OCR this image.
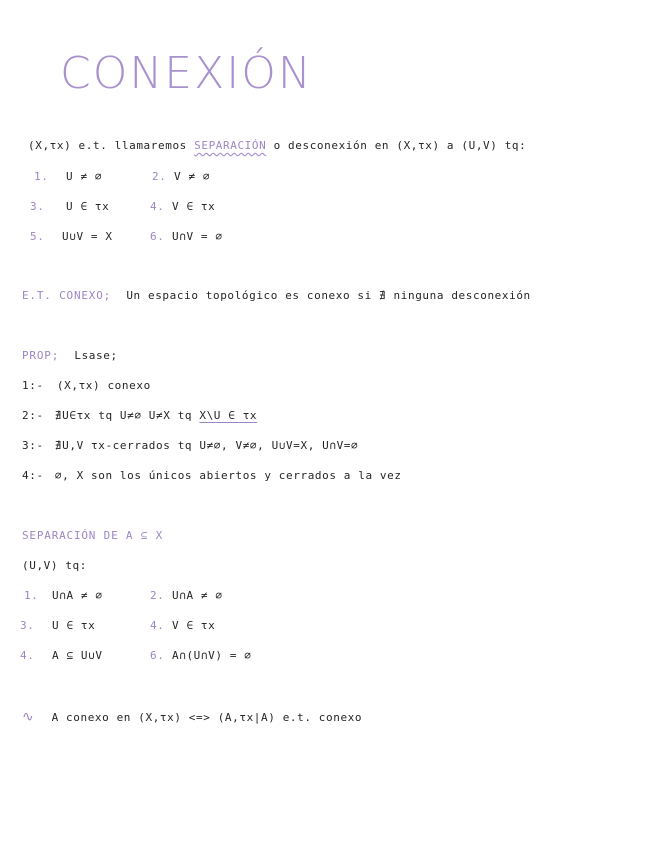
CONEXIÓN
(X,τx) e.t. llamaremos SEPARACIÓN o desconexión en (X,τx) a (U,V) tq:
1. U ≠ ∅	2. V ≠ ∅
3. U ∈ τx	4. V ∈ τx
5. U∪V = X	6. U∩V = ∅
E.T. CONEXO; Un espacio topológico es conexo si ∄ ninguna desconexión
PROP; Lsase;
1:- (X,τx) conexo
2:- ∄U∈τx tq U≠∅ U≠X tq X\U ∈ τx
3:- ∄U,V τx-cerrados tq U≠∅, V≠∅, U∪V=X, U∩V=∅
4:- ∅, X son los únicos abiertos y cerrados a la vez
SEPARACIÓN DE A ⊆ X
(U,V) tq:
1. U∩A ≠ ∅	2. U∩A ≠ ∅
3. U ∈ τx	4. V ∈ τx
4. A ⊆ U∪V	6. A∩(U∩V) = ∅
∿ A conexo en (X,τx) <=> (A,τx|A) e.t. conexo
